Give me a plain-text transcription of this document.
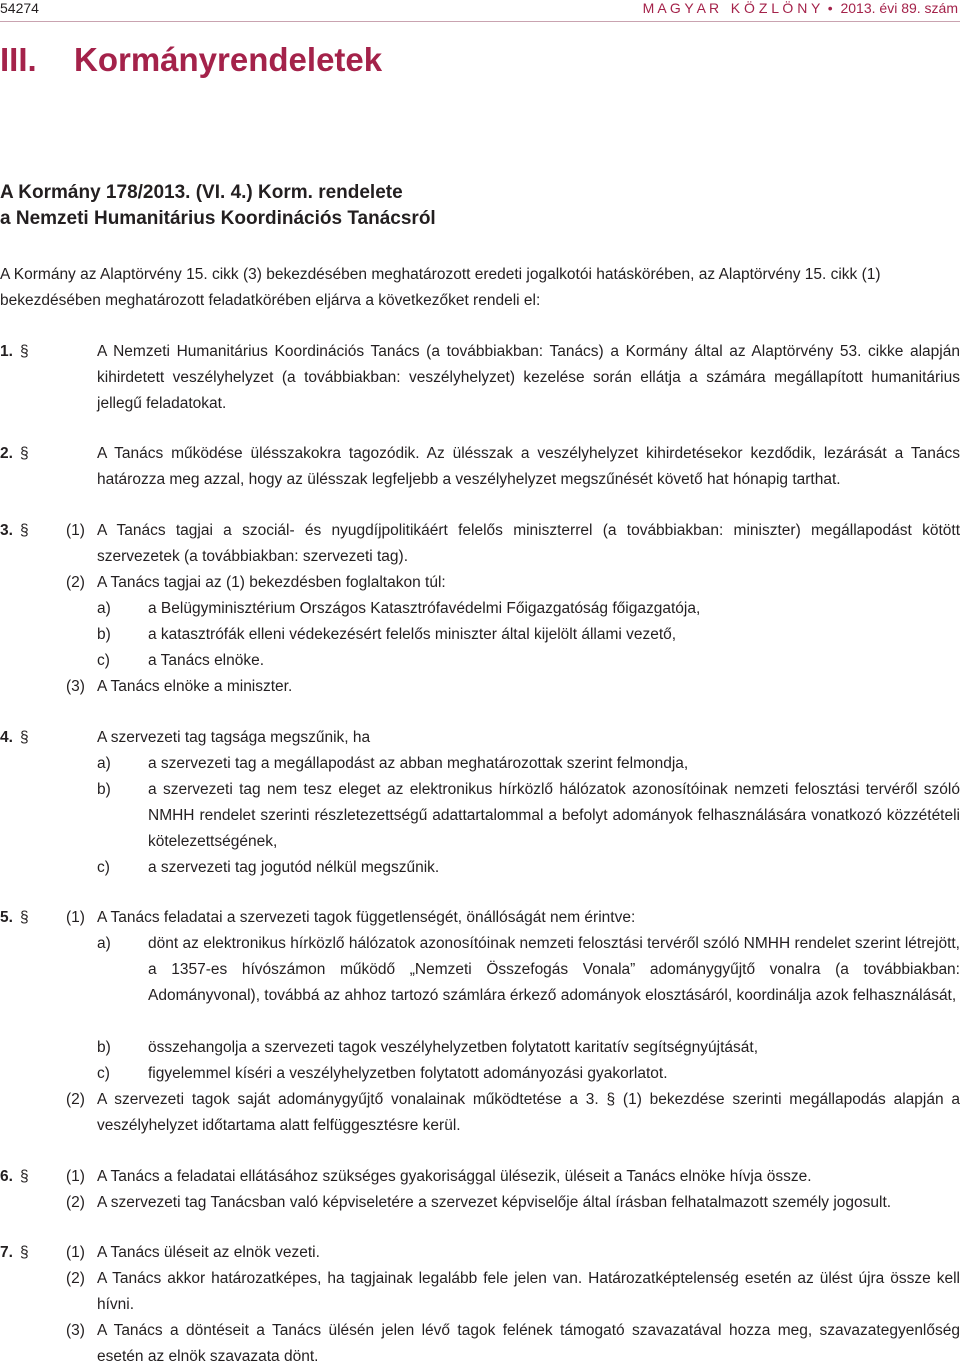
54274	M A G Y A R   K Ö Z L Ö N Y  •  2013. évi 89. szám
III. Kormányrendeletek
A Kormány 178/2013. (VI. 4.) Korm. rendelete
a Nemzeti Humanitárius Koordinációs Tanácsról
A Kormány az Alaptörvény 15. cikk (3) bekezdésében meghatározott eredeti jogalkotói hatáskörében, az Alaptörvény 15. cikk (1) bekezdésében meghatározott feladatkörében eljárva a következőket rendeli el:
1. §	A Nemzeti Humanitárius Koordinációs Tanács (a továbbiakban: Tanács) a Kormány által az Alaptörvény 53. cikke alapján kihirdetett veszélyhelyzet (a továbbiakban: veszélyhelyzet) kezelése során ellátja a számára megállapított humanitárius jellegű feladatokat.
2. §	A Tanács működése ülésszakokra tagozódik. Az ülésszak a veszélyhelyzet kihirdetésekor kezdődik, lezárását a Tanács határozza meg azzal, hogy az ülésszak legfeljebb a veszélyhelyzet megszűnését követő hat hónapig tarthat.
3. § (1) A Tanács tagjai a szociál- és nyugdíjpolitikáért felelős miniszterrel (a továbbiakban: miniszter) megállapodást kötött szervezetek (a továbbiakban: szervezeti tag).
(2) A Tanács tagjai az (1) bekezdésben foglaltakon túl:
a) a Belügyminisztérium Országos Katasztrófavédelmi Főigazgatóság főigazgatója,
b) a katasztrófák elleni védekezésért felelős miniszter által kijelölt állami vezető,
c) a Tanács elnöke.
(3) A Tanács elnöke a miniszter.
4. §	A szervezeti tag tagsága megszűnik, ha
a) a szervezeti tag a megállapodást az abban meghatározottak szerint felmondja,
b) a szervezeti tag nem tesz eleget az elektronikus hírközlő hálózatok azonosítóinak nemzeti felosztási tervéről szóló NMHH rendelet szerinti részletezettségű adattartalommal a befolyt adományok felhasználására vonatkozó közzétételi kötelezettségének,
c) a szervezeti tag jogutód nélkül megszűnik.
5. § (1) A Tanács feladatai a szervezeti tagok függetlenségét, önállóságát nem érintve:
a) dönt az elektronikus hírközlő hálózatok azonosítóinak nemzeti felosztási tervéről szóló NMHH rendelet szerint létrejött, a 1357-es hívószámon működő „Nemzeti Összefogás Vonala” adománygyűjtő vonalra (a továbbiakban: Adományvonal), továbbá az ahhoz tartozó számlára érkező adományok elosztásáról, koordinálja azok felhasználását,
b) összehangolja a szervezeti tagok veszélyhelyzetben folytatott karitatív segítségnyújtását,
c) figyelemmel kíséri a veszélyhelyzetben folytatott adományozási gyakorlatot.
(2) A szervezeti tagok saját adománygyűjtő vonalainak működtetése a 3. § (1) bekezdése szerinti megállapodás alapján a veszélyhelyzet időtartama alatt felfüggesztésre kerül.
6. § (1) A Tanács a feladatai ellátásához szükséges gyakorisággal ülésezik, üléseit a Tanács elnöke hívja össze.
(2) A szervezeti tag Tanácsban való képviseletére a szervezet képviselője által írásban felhatalmazott személy jogosult.
7. § (1) A Tanács üléseit az elnök vezeti.
(2) A Tanács akkor határozatképes, ha tagjainak legalább fele jelen van. Határozatképtelenség esetén az ülést újra össze kell hívni.
(3) A Tanács a döntéseit a Tanács ülésén jelen lévő tagok felének támogató szavazatával hozza meg, szavazategyenlőség esetén az elnök szavazata dönt.
